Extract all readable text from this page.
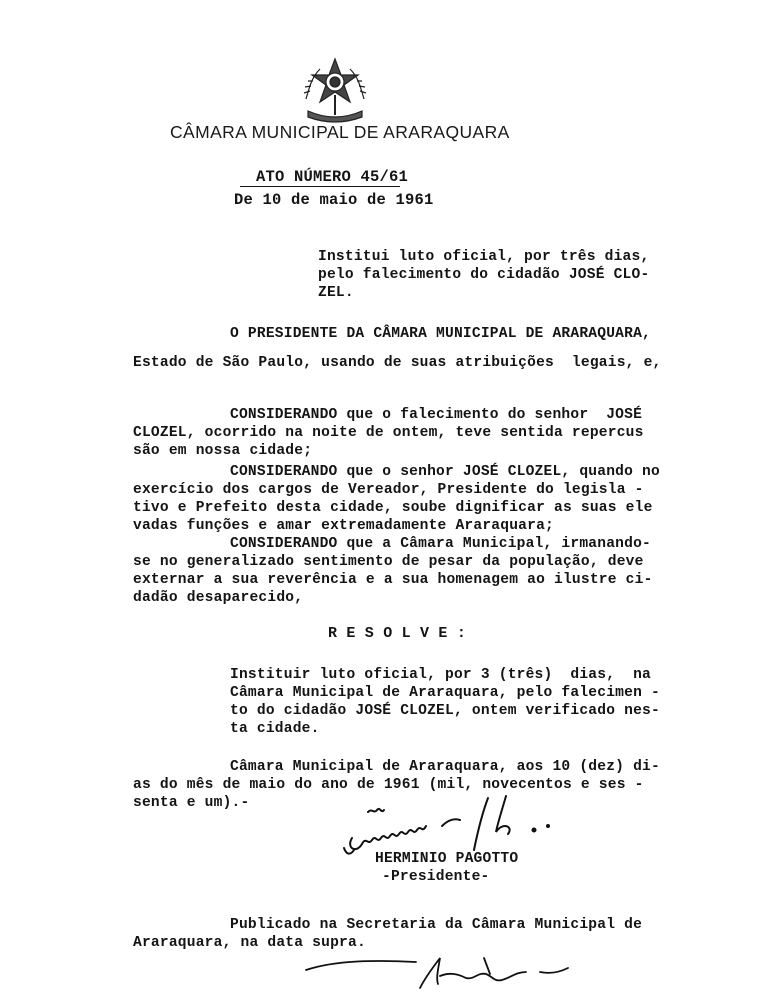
CÂMARA MUNICIPAL DE ARARAQUARA
ATO NÚMERO 45/61
De 10 de maio de 1961
Institui luto oficial, por três dias,
pelo falecimento do cidadão JOSÉ CLO-
ZEL.
O PRESIDENTE DA CÂMARA MUNICIPAL DE ARARAQUARA,
Estado de São Paulo, usando de suas atribuições  legais, e,
CONSIDERANDO que o falecimento do senhor  JOSÉ
CLOZEL, ocorrido na noite de ontem, teve sentida repercus
são em nossa cidade;
CONSIDERANDO que o senhor JOSÉ CLOZEL, quando no
exercício dos cargos de Vereador, Presidente do legisla -
tivo e Prefeito desta cidade, soube dignificar as suas ele
vadas funções e amar extremadamente Araraquara;
CONSIDERANDO que a Câmara Municipal, irmanando-
se no generalizado sentimento de pesar da população, deve
externar a sua reverência e a sua homenagem ao ilustre ci-
dadão desaparecido,
R E S O L V E :
Instituir luto oficial, por 3 (três)  dias,  na
Câmara Municipal de Araraquara, pelo falecimen -
to do cidadão JOSÉ CLOZEL, ontem verificado nes-
ta cidade.
Câmara Municipal de Araraquara, aos 10 (dez) di-
as do mês de maio do ano de 1961 (mil, novecentos e ses -
senta e um).-
HERMINIO PAGOTTO
-Presidente-
Publicado na Secretaria da Câmara Municipal de
Araraquara, na data supra.
